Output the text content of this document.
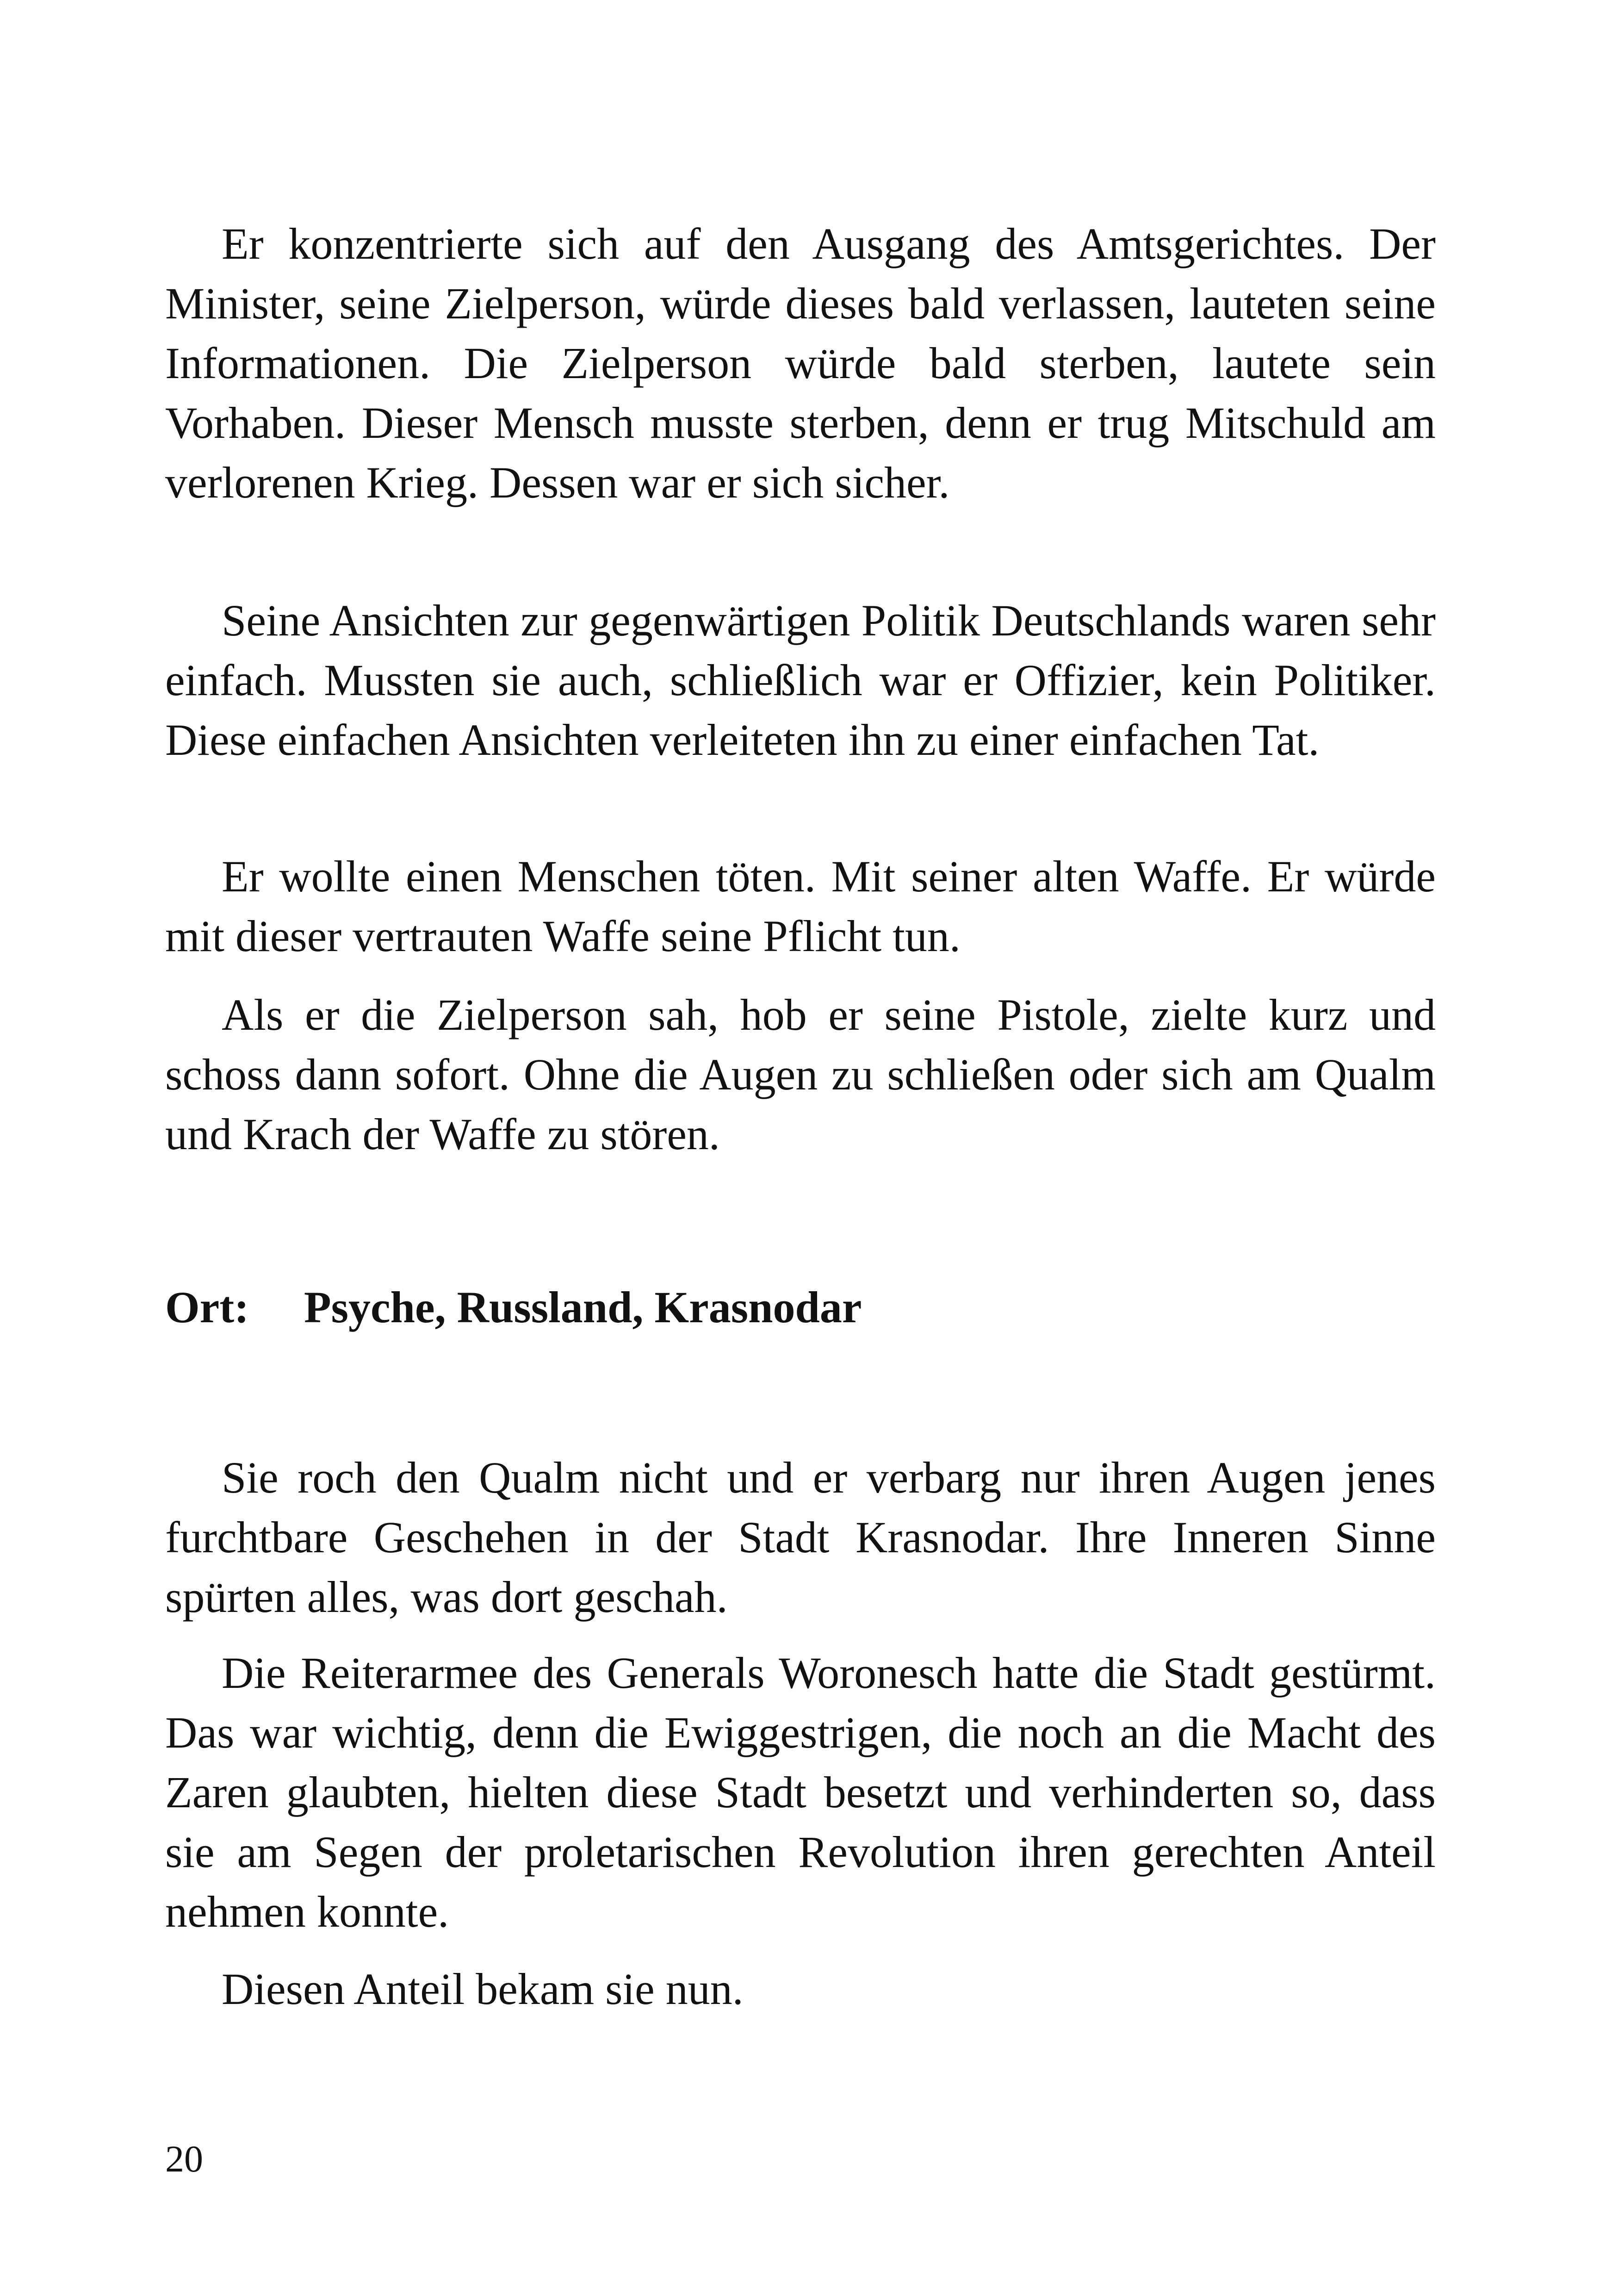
Er konzentrierte sich auf den Ausgang des Amtsgerichtes. Der Minister, seine Zielperson, würde dieses bald verlassen, lauteten seine Informationen. Die Zielperson würde bald sterben, lautete sein Vorhaben. Dieser Mensch musste sterben, denn er trug Mitschuld am verlorenen Krieg. Dessen war er sich sicher.

Seine Ansichten zur gegenwärtigen Politik Deutschlands waren sehr einfach. Mussten sie auch, schließlich war er Offizier, kein Politiker. Diese einfachen Ansichten verleiteten ihn zu einer einfachen Tat.

Er wollte einen Menschen töten. Mit seiner alten Waffe. Er würde mit dieser vertrauten Waffe seine Pflicht tun.

Als er die Zielperson sah, hob er seine Pistole, zielte kurz und schoss dann sofort. Ohne die Augen zu schließen oder sich am Qualm und Krach der Waffe zu stören.

Ort: Psyche, Russland, Krasnodar

Sie roch den Qualm nicht und er verbarg nur ihren Augen jenes furchtbare Geschehen in der Stadt Krasnodar. Ihre Inneren Sinne spürten alles, was dort geschah.

Die Reiterarmee des Generals Woronesch hatte die Stadt gestürmt. Das war wichtig, denn die Ewiggestrigen, die noch an die Macht des Zaren glaubten, hielten diese Stadt besetzt und verhinderten so, dass sie am Segen der proletarischen Revolution ihren gerechten Anteil nehmen konnte.

Diesen Anteil bekam sie nun.

20
